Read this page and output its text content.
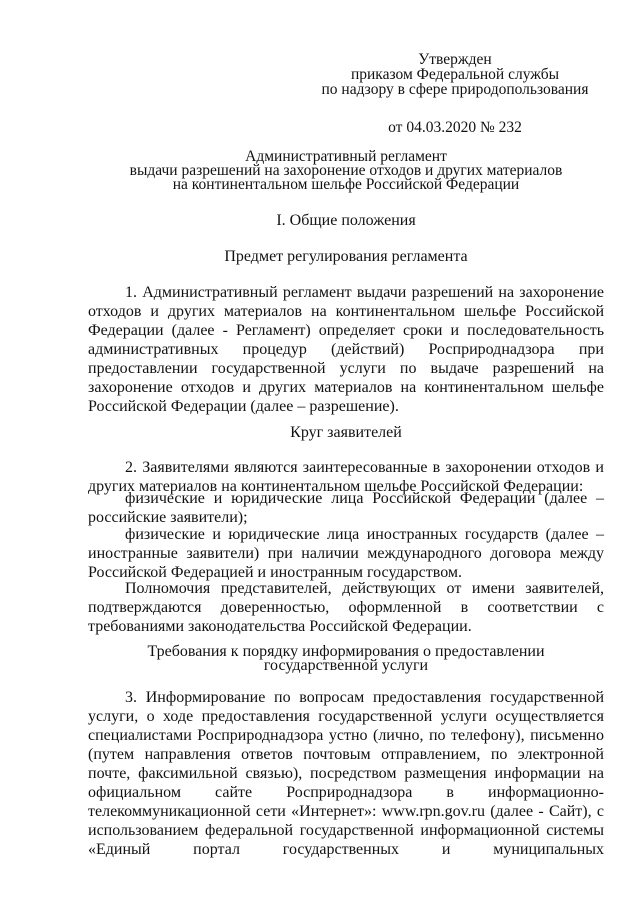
Утвержден
приказом Федеральной службы
по надзору в сфере природопользования
от 04.03.2020 № 232
Административный регламент
выдачи разрешений на захоронение отходов и других материалов
на континентальном шельфе Российской Федерации
I. Общие положения
Предмет регулирования регламента

1. Административный регламент выдачи разрешений на захоронение отходов и других материалов на континентальном шельфе Российской Федерации (далее - Регламент) определяет сроки и последовательность административных процедур (действий) Росприроднадзора при предоставлении государственной услуги по выдаче разрешений на захоронение отходов и других материалов на континентальном шельфе Российской Федерации (далее – разрешение).

Круг заявителей

2. Заявителями являются заинтересованные в захоронении отходов и других материалов на континентальном шельфе Российской Федерации:

физические и юридические лица Российской Федерации (далее – российские заявители);

физические и юридические лица иностранных государств (далее – иностранные заявители) при наличии международного договора между Российской Федерацией и иностранным государством.

Полномочия представителей, действующих от имени заявителей, подтверждаются доверенностью, оформленной в соответствии с требованиями законодательства Российской Федерации.

Требования к порядку информирования о предоставлении
государственной услуги

3. Информирование по вопросам предоставления государственной услуги, о ходе предоставления государственной услуги осуществляется специалистами Росприроднадзора устно (лично, по телефону), письменно (путем направления ответов почтовым отправлением, по электронной почте, факсимильной связью), посредством размещения информации на официальном сайте Росприроднадзора в информационно-телекоммуникационной сети «Интернет»: www.rpn.gov.ru (далее - Сайт), с использованием федеральной государственной информационной системы «Единый портал государственных и муниципальных
